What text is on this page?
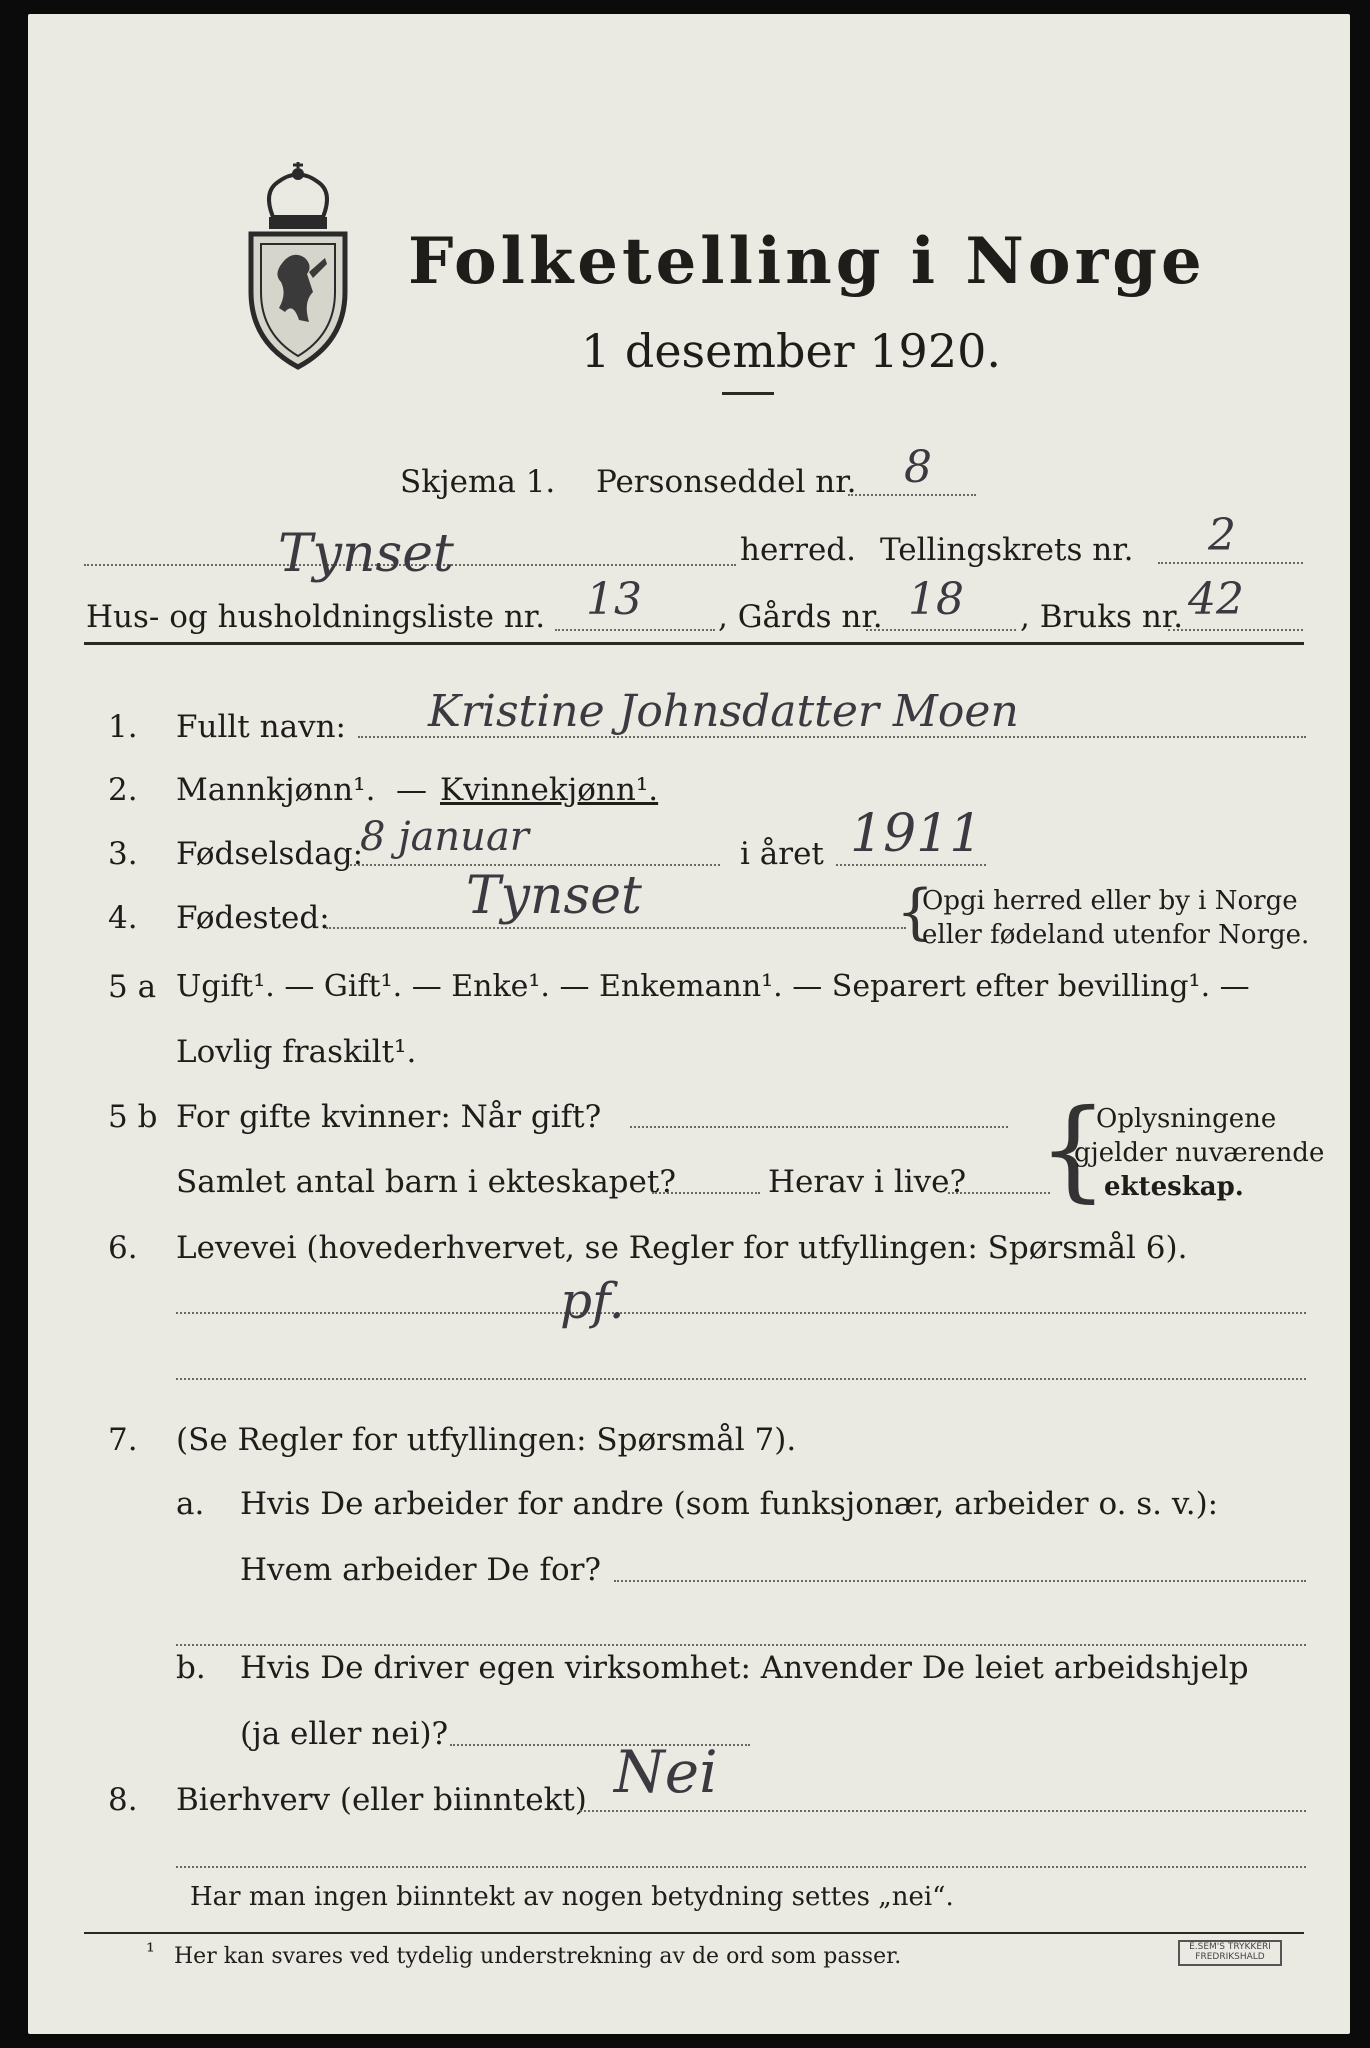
Folketelling i Norge
1 desember 1920.
Skjema 1. Personseddel nr. 8
Tynset	herred. Tellingskrets nr. 2
Hus- og husholdningsliste nr. 13 , Gårds nr. 18 , Bruks nr. 42
1. Fullt navn: Kristine Johnsdatter Moen
2. Mannkjønn¹. — Kvinnekjønn¹.
3. Fødselsdag:
8 januar	i året 1911
4. Fødested:	Tynset	{
Opgi herred eller by i Norge
eller fødeland utenfor Norge.
5 a Ugift¹. — Gift¹. — Enke¹. — Enkemann¹. — Separert efter bevilling¹. —
Lovlig fraskilt¹.
5 b For gifte kvinner: Når gift?
Samlet antal barn i ekteskapet?	Herav i live? {
Oplysningene
gjelder nuværende
ekteskap.
6. Levevei (hovederhvervet, se Regler for utfyllingen: Spørsmål 6).
pf.
7. (Se Regler for utfyllingen: Spørsmål 7).
a. Hvis De arbeider for andre (som funksjonær, arbeider o. s. v.):
Hvem arbeider De for?
b. Hvis De driver egen virksomhet: Anvender De leiet arbeidshjelp
(ja eller nei)?
8. Bierhverv (eller biinntekt) Nei
Har man ingen biinntekt av nogen betydning settes „nei“.
¹ Her kan svares ved tydelig understrekning av de ord som passer.	E.SEM'S TRYKKERI FREDRIKSHALD
